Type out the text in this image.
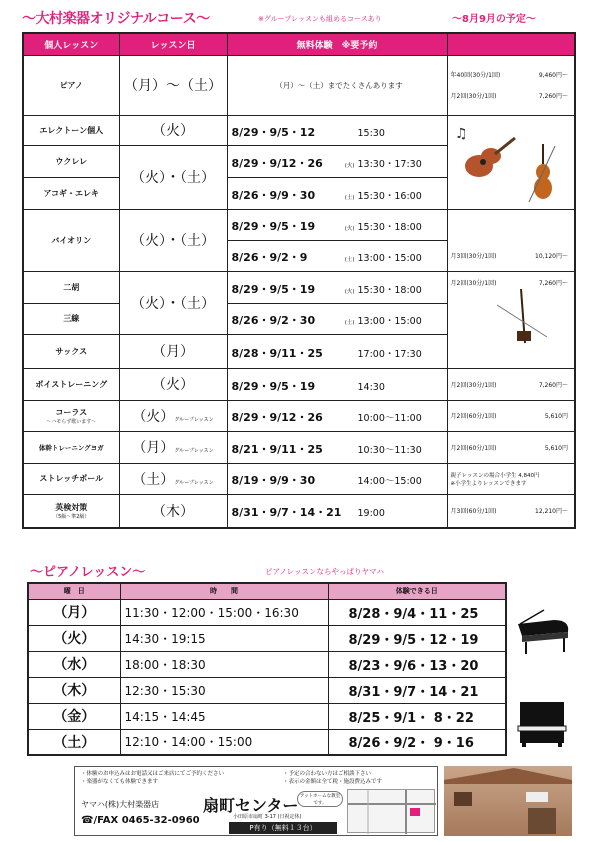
～大村楽器オリジナルコース～	※グループレッスンも組めるコースあり	～8月9月の予定～
個人レッスン	レッスン日	無料体験　※要予約	
ピアノ	（月）～（土）	（月）～（土）までたくさんあります	年40回(30分/1回) 9,460円～
月2回(30分/1回) 7,260円～

エレクトーン個人	（火）	8/29・9/5・12 15:30	♫

ウクレレ	（火）・（土）	8/29・9/12・26 (火) 13:30・17:30	
アコギ・エレキ		8/26・9/9・30 (土) 15:30・16:00	
バイオリン	（火）・（土）	8/29・9/5・19 (火) 15:30・18:00	
		8/26・9/2・9 (土) 13:00・15:00	月3回(30分/1回) 10,120円～

二胡	（火）・（土）	8/29・9/5・19 (火) 15:30・18:00	月2回(30分/1回) 7,260円～

三線		8/26・9/2・30 (土) 13:00・15:00	
サックス	（月）	8/28・9/11・25 17:00・17:30	
ボイストレーニング	（火）	8/29・9/5・19 14:30	月2回(30分/1回) 7,260円～

コーラス
～ハモらず歌います～	（火）グループレッスン	8/29・9/12・26 10:00～11:00	月2回(60分/1回) 5,610円

体幹トレーニングヨガ	（月）グループレッスン	8/21・9/11・25 10:30～11:30	月2回(60分/1回) 5,610円

ストレッチポール	（土）グループレッスン	8/19・9/9・30 14:00～15:00	親子レッスンの場合小学生 4,840円
※小学生よりレッスンできます

英検対策
（5級～準2級）	（木）	8/31・9/7・14・21 19:00	月3回(60分/1回) 12,210円～
～ピアノレッスン～	ピアノレッスンならやっぱりヤマハ
曜　日	時　　間	体験できる日
（月）	11:30・12:00・15:00・16:30	8/28・9/4・11・25
（火）	14:30・19:15	8/29・9/5・12・19
（水）	18:00・18:30	8/23・9/6・13・20
（木）	12:30・15:30	8/31・9/7・14・21
（金）	14:15・14:45	8/25・9/1・ 8・22
（土）	12:10・14:00・15:00	8/26・9/2・ 9・16
・体験のお申込みはお電話又はご来店にてご予約ください
・楽器がなくても体験できます
・予定の合わない方はご相談下さい
・表示の金額は全て税・施設費込みです
ヤマハ(株)大村楽器店	扇町センター アットホームな教室です。
☎/FAX 0465-32-0960	小田原市扇町 3-17 (日祝定休)
P有り（無料１３台）
